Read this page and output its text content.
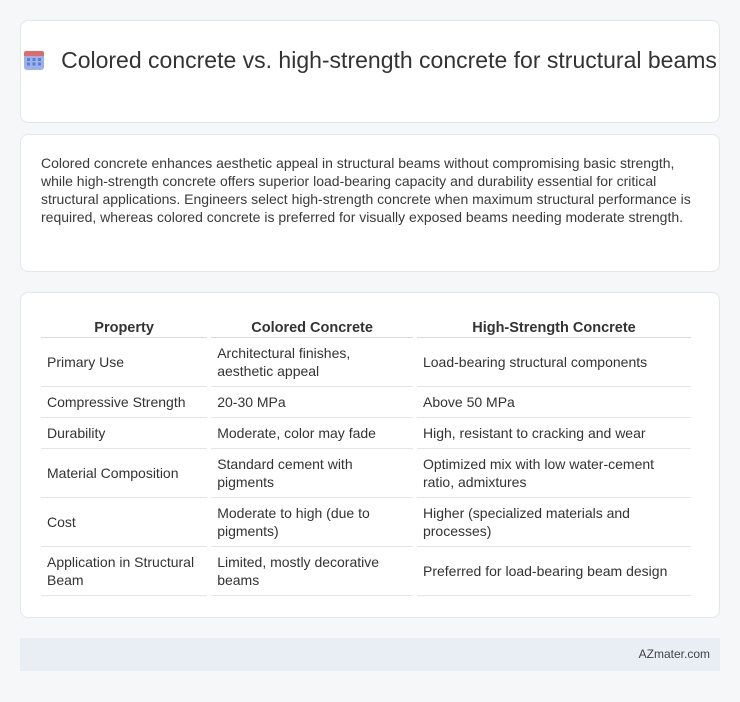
Colored concrete vs. high-strength concrete for structural beams

Colored concrete enhances aesthetic appeal in structural beams without compromising basic strength, while high-strength concrete offers superior load-bearing capacity and durability essential for critical structural applications. Engineers select high-strength concrete when maximum structural performance is required, whereas colored concrete is preferred for visually exposed beams needing moderate strength.

Property	Colored Concrete	High-Strength Concrete
Primary Use	Architectural finishes, aesthetic appeal	Load-bearing structural components
Compressive Strength	20-30 MPa	Above 50 MPa
Durability	Moderate, color may fade	High, resistant to cracking and wear
Material Composition	Standard cement with pigments	Optimized mix with low water-cement ratio, admixtures
Cost	Moderate to high (due to pigments)	Higher (specialized materials and processes)
Application in Structural Beam	Limited, mostly decorative beams	Preferred for load-bearing beam design
AZmater.com
